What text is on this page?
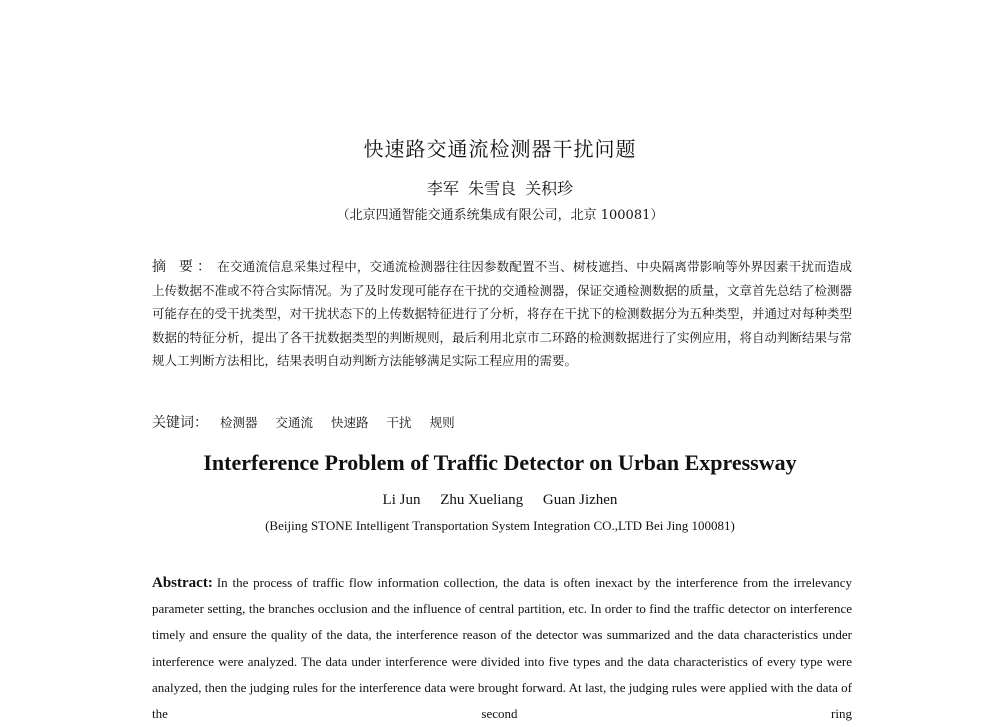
快速路交通流检测器干扰问题
李军 朱雪良 关积珍
（北京四通智能交通系统集成有限公司，北京 100081）
摘 要： 在交通流信息采集过程中，交通流检测器往往因参数配置不当、树枝遮挡、中央隔离带影响等外界因素干扰而造成上传数据不准或不符合实际情况。为了及时发现可能存在干扰的交通检测器，保证交通检测数据的质量，文章首先总结了检测器可能存在的受干扰类型，对干扰状态下的上传数据特征进行了分析，将存在干扰下的检测数据分为五种类型，并通过对每种类型数据的特征分析，提出了各干扰数据类型的判断规则，最后利用北京市二环路的检测数据进行了实例应用，将自动判断结果与常规人工判断方法相比，结果表明自动判断方法能够满足实际工程应用的需要。
关键词： 检测器 交通流 快速路 干扰 规则
Interference Problem of Traffic Detector on Urban Expressway
Li Jun Zhu Xueliang Guan Jizhen
(Beijing STONE Intelligent Transportation System Integration CO.,LTD Bei Jing 100081)
Abstract: In the process of traffic flow information collection, the data is often inexact by the interference from the irrelevancy parameter setting, the branches occlusion and the influence of central partition, etc. In order to find the traffic detector on interference timely and ensure the quality of the data, the interference reason of the detector was summarized and the data characteristics under interference were analyzed. The data under interference were divided into five types and the data characteristics of every type were analyzed, then the judging rules for the interference data were brought forward. At last, the judging rules were applied with the data of the second ring
